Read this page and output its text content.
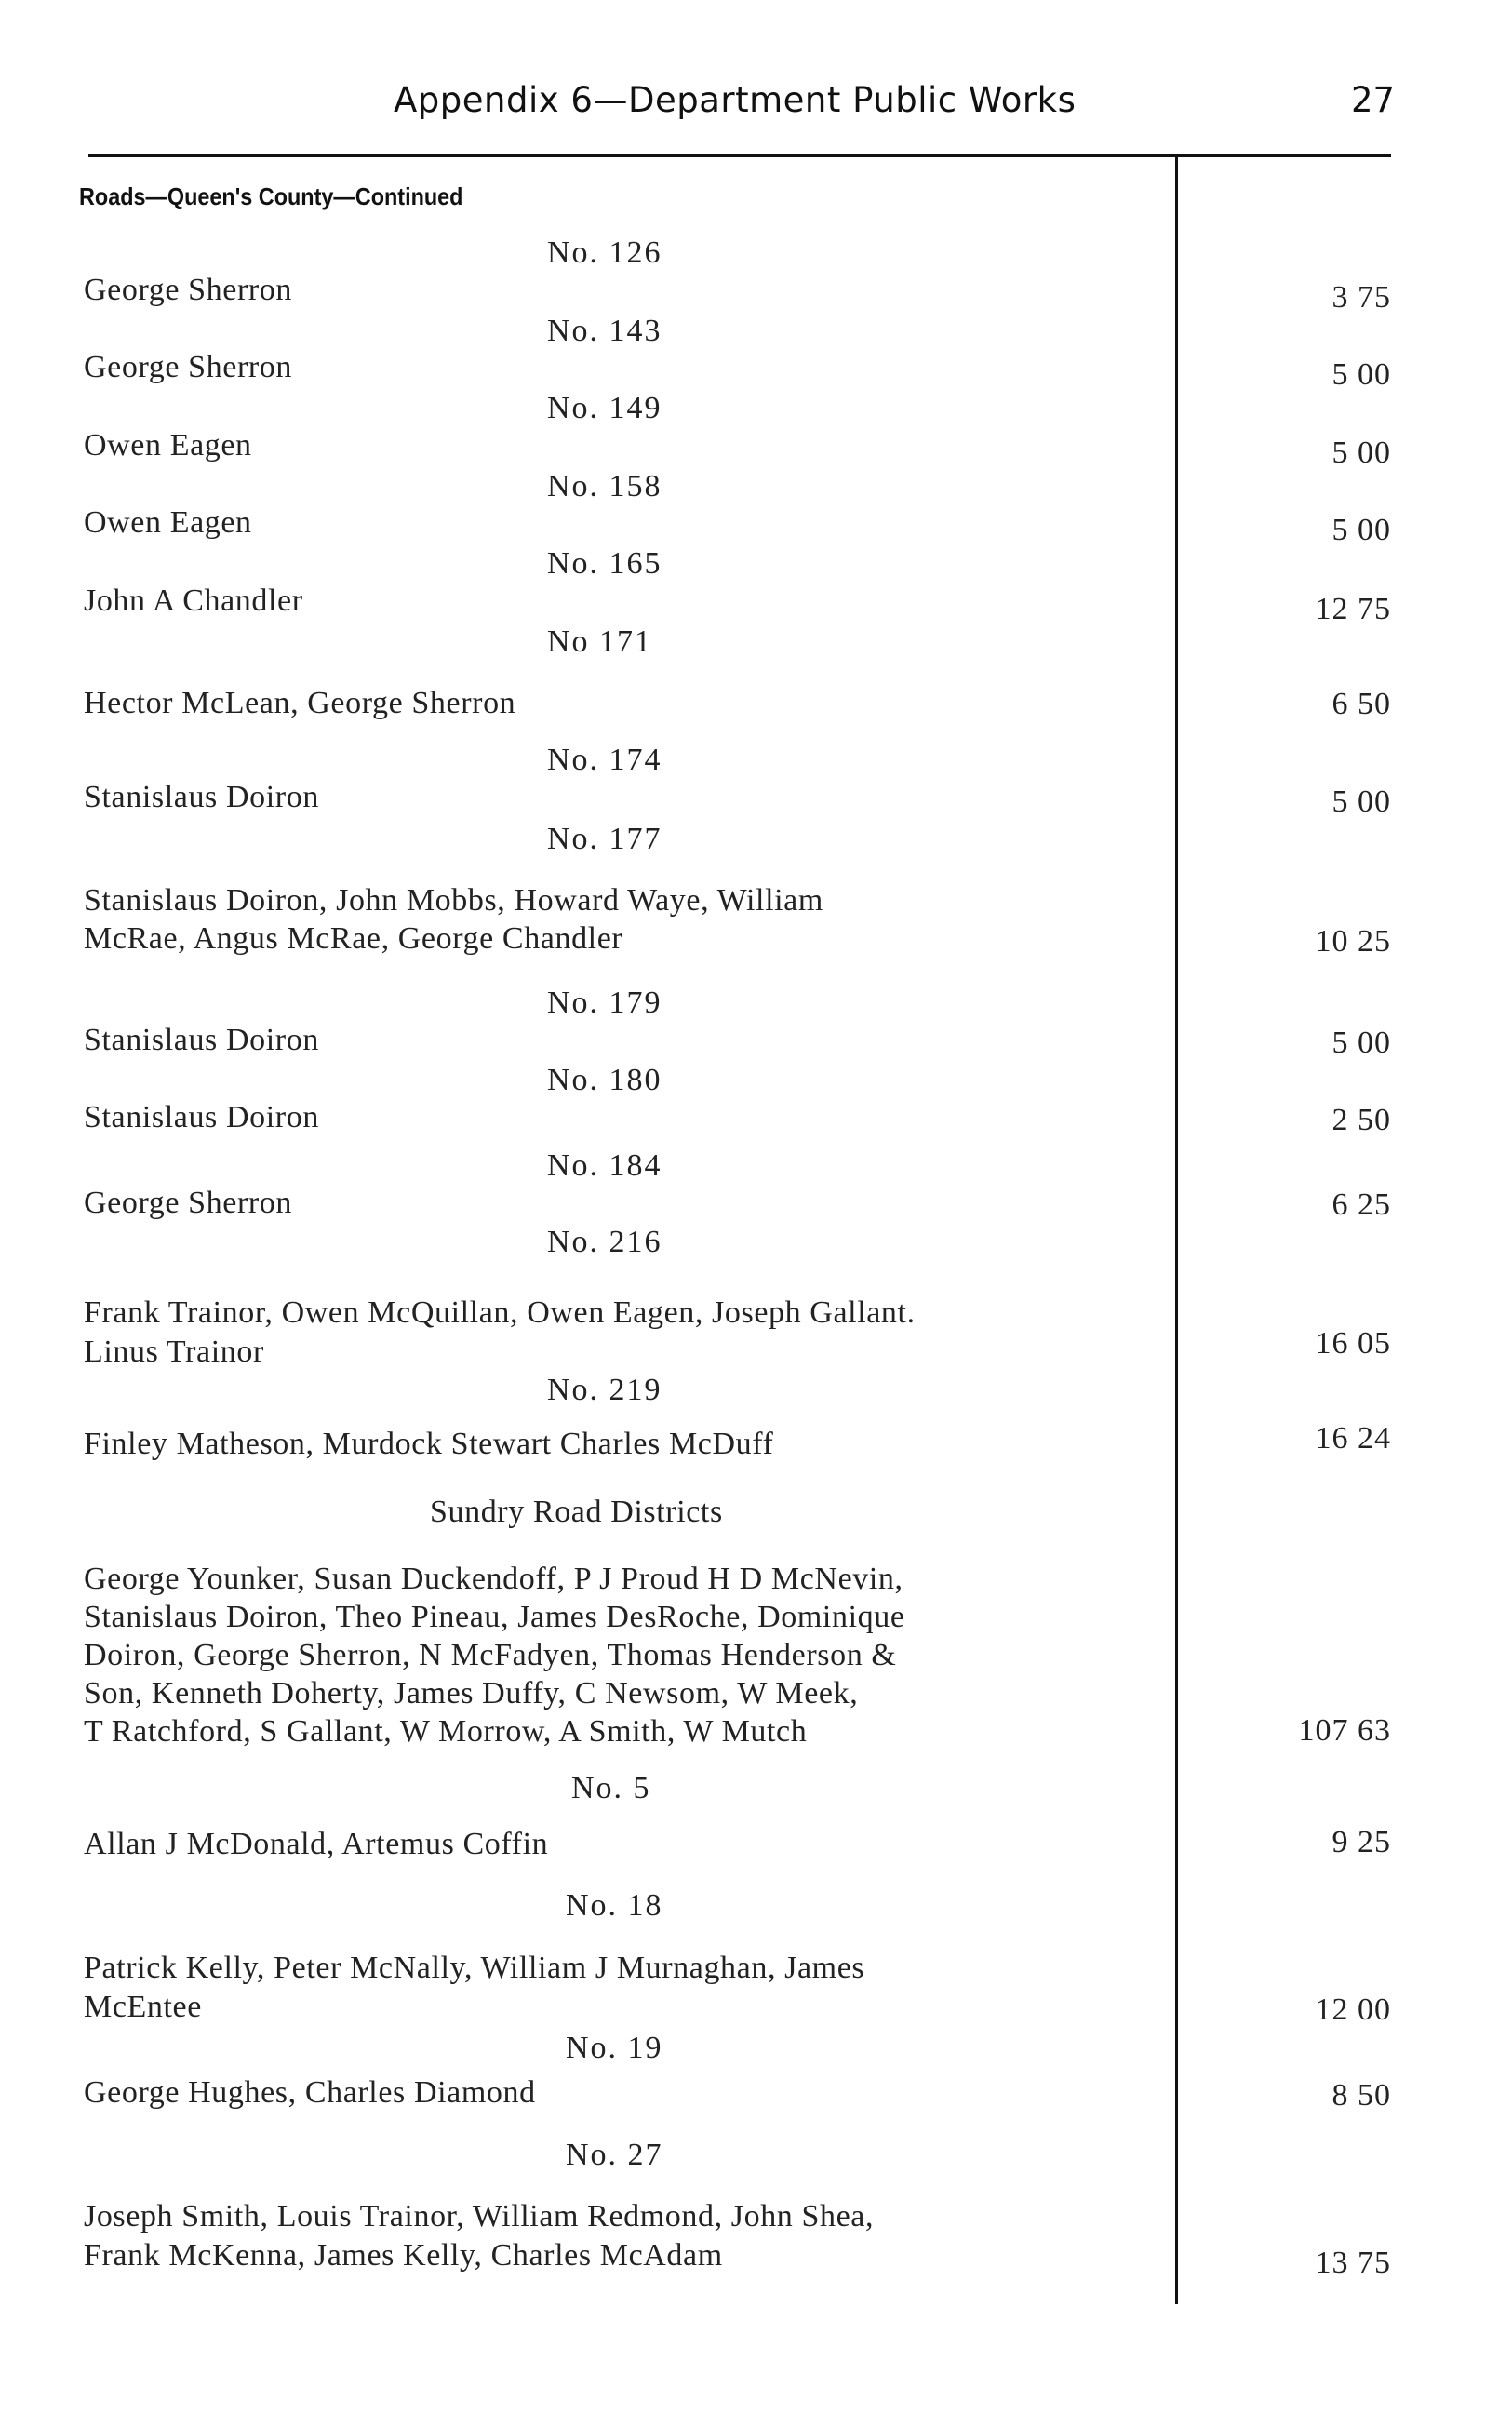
Appendix 6—Department Public Works	27
Roads—Queen's County—Continued
No. 126
George Sherron	3 75
No. 143
George Sherron	5 00
No. 149
Owen Eagen	5 00
No. 158
Owen Eagen	5 00
No. 165
John A Chandler	12 75
No 171
Hector McLean, George Sherron	6 50
No. 174
Stanislaus Doiron	5 00
No. 177
Stanislaus Doiron, John Mobbs, Howard Waye, William
McRae, Angus McRae, George Chandler	10 25
No. 179
Stanislaus Doiron	5 00
No. 180
Stanislaus Doiron	2 50
No. 184
George Sherron	6 25
No. 216
Frank Trainor, Owen McQuillan, Owen Eagen, Joseph Gallant.
Linus Trainor	16 05
No. 219
Finley Matheson, Murdock Stewart Charles McDuff	16 24
Sundry Road Districts
George Younker, Susan Duckendoff, P J Proud H D McNevin,
Stanislaus Doiron, Theo Pineau, James DesRoche, Dominique
Doiron, George Sherron, N McFadyen, Thomas Henderson &
Son, Kenneth Doherty, James Duffy, C Newsom, W Meek,
T Ratchford, S Gallant, W Morrow, A Smith, W Mutch	107 63
No. 5
Allan J McDonald, Artemus Coffin	9 25
No. 18
Patrick Kelly, Peter McNally, William J Murnaghan, James
McEntee	12 00
No. 19
George Hughes, Charles Diamond	8 50
No. 27
Joseph Smith, Louis Trainor, William Redmond, John Shea,
Frank McKenna, James Kelly, Charles McAdam	13 75
